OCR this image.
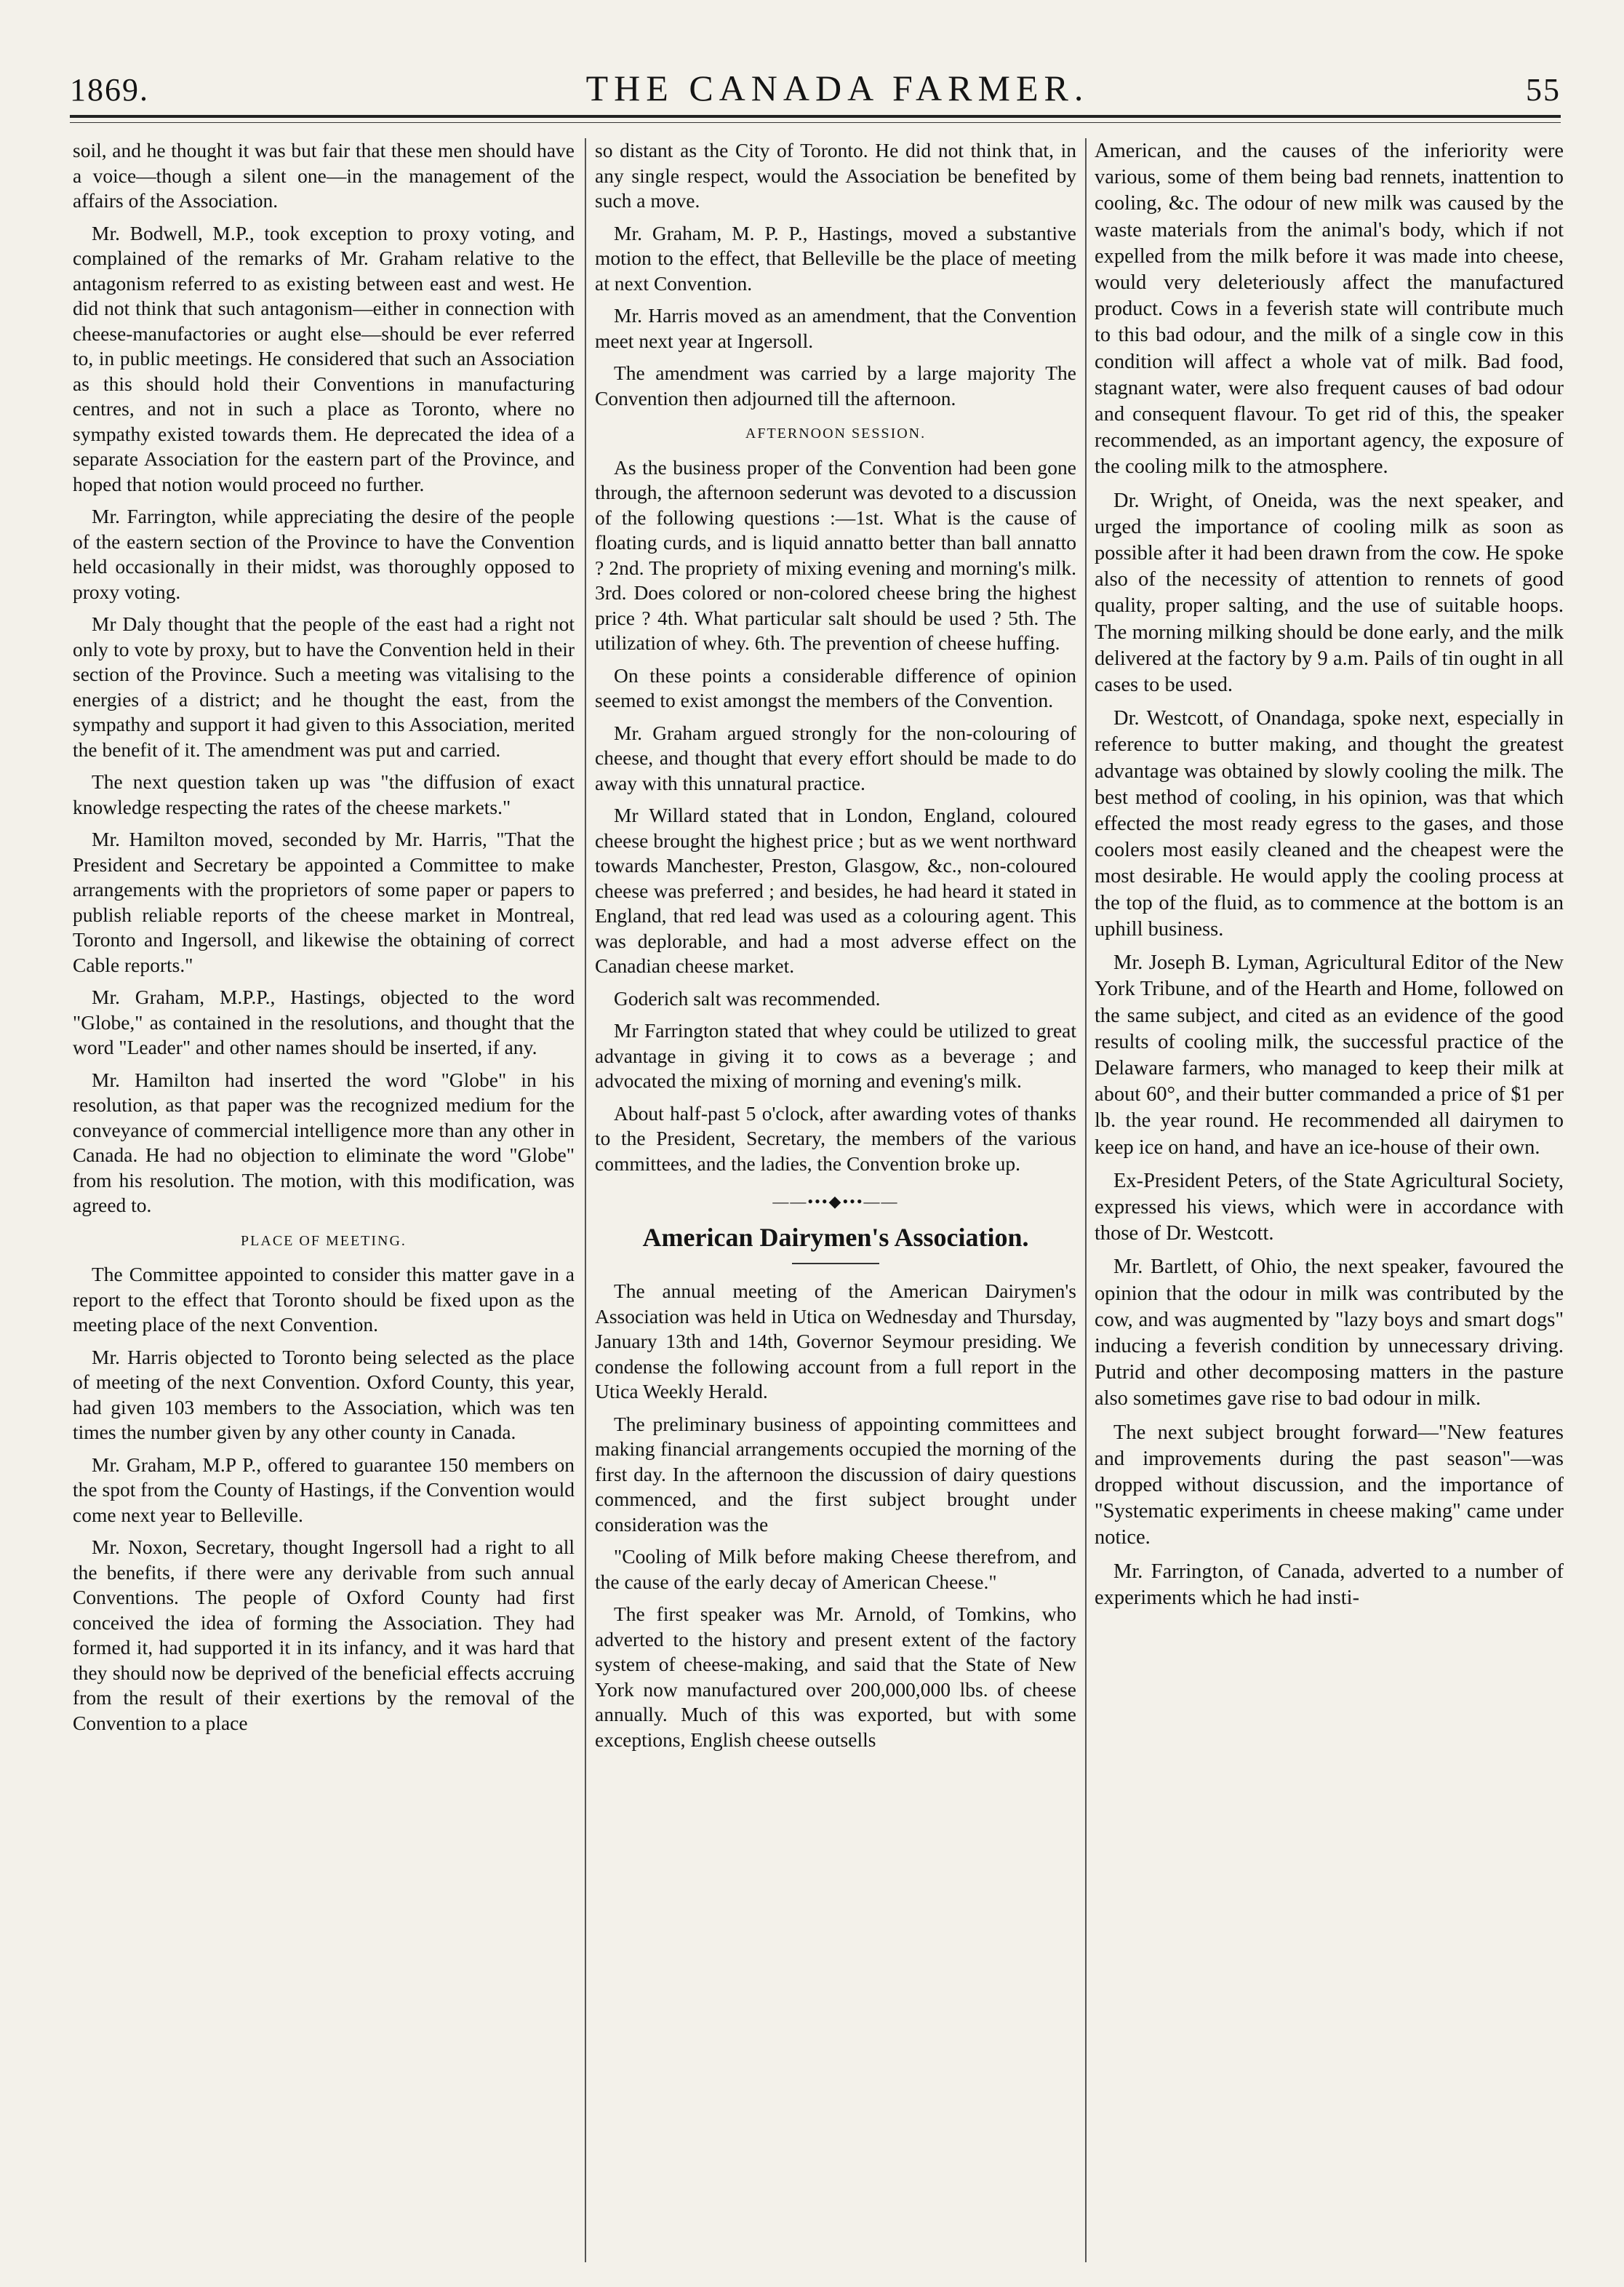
1869.	THE CANADA FARMER.	55

soil, and he thought it was but fair that these men should have a voice—though a silent one—in the management of the affairs of the Association.

Mr. Bodwell, M.P., took exception to proxy voting, and complained of the remarks of Mr. Graham relative to the antagonism referred to as existing between east and west. He did not think that such antagonism—either in connection with cheese-manufactories or aught else—should be ever referred to, in public meetings. He considered that such an Association as this should hold their Conventions in manufacturing centres, and not in such a place as Toronto, where no sympathy existed towards them. He deprecated the idea of a separate Association for the eastern part of the Province, and hoped that notion would proceed no further.

Mr. Farrington, while appreciating the desire of the people of the eastern section of the Province to have the Convention held occasionally in their midst, was thoroughly opposed to proxy voting.

Mr Daly thought that the people of the east had a right not only to vote by proxy, but to have the Convention held in their section of the Province. Such a meeting was vitalising to the energies of a district; and he thought the east, from the sympathy and support it had given to this Association, merited the benefit of it. The amendment was put and carried.

The next question taken up was "the diffusion of exact knowledge respecting the rates of the cheese markets."

Mr. Hamilton moved, seconded by Mr. Harris, "That the President and Secretary be appointed a Committee to make arrangements with the proprietors of some paper or papers to publish reliable reports of the cheese market in Montreal, Toronto and Ingersoll, and likewise the obtaining of correct Cable reports."

Mr. Graham, M.P.P., Hastings, objected to the word "Globe," as contained in the resolutions, and thought that the word "Leader" and other names should be inserted, if any.

Mr. Hamilton had inserted the word "Globe" in his resolution, as that paper was the recognized medium for the conveyance of commercial intelligence more than any other in Canada. He had no objection to eliminate the word "Globe" from his resolution. The motion, with this modification, was agreed to.

PLACE OF MEETING.

The Committee appointed to consider this matter gave in a report to the effect that Toronto should be fixed upon as the meeting place of the next Convention.

Mr. Harris objected to Toronto being selected as the place of meeting of the next Convention. Oxford County, this year, had given 103 members to the Association, which was ten times the number given by any other county in Canada.

Mr. Graham, M.P P., offered to guarantee 150 members on the spot from the County of Hastings, if the Convention would come next year to Belleville.

Mr. Noxon, Secretary, thought Ingersoll had a right to all the benefits, if there were any derivable from such annual Conventions. The people of Oxford County had first conceived the idea of forming the Association. They had formed it, had supported it in its infancy, and it was hard that they should now be deprived of the beneficial effects accruing from the result of their exertions by the removal of the Convention to a place

so distant as the City of Toronto. He did not think that, in any single respect, would the Association be benefited by such a move.

Mr. Graham, M. P. P., Hastings, moved a substantive motion to the effect, that Belleville be the place of meeting at next Convention.

Mr. Harris moved as an amendment, that the Convention meet next year at Ingersoll.

The amendment was carried by a large majority The Convention then adjourned till the afternoon.

AFTERNOON SESSION.

As the business proper of the Convention had been gone through, the afternoon sederunt was devoted to a discussion of the following questions :—1st. What is the cause of floating curds, and is liquid annatto better than ball annatto ? 2nd. The propriety of mixing evening and morning's milk. 3rd. Does colored or non-colored cheese bring the highest price ? 4th. What particular salt should be used ? 5th. The utilization of whey. 6th. The prevention of cheese huffing.

On these points a considerable difference of opinion seemed to exist amongst the members of the Convention.

Mr. Graham argued strongly for the non-colouring of cheese, and thought that every effort should be made to do away with this unnatural practice.

Mr Willard stated that in London, England, coloured cheese brought the highest price ; but as we went northward towards Manchester, Preston, Glasgow, &c., non-coloured cheese was preferred ; and besides, he had heard it stated in England, that red lead was used as a colouring agent. This was deplorable, and had a most adverse effect on the Canadian cheese market.

Goderich salt was recommended.

Mr Farrington stated that whey could be utilized to great advantage in giving it to cows as a beverage ; and advocated the mixing of morning and evening's milk.

About half-past 5 o'clock, after awarding votes of thanks to the President, Secretary, the members of the various committees, and the ladies, the Convention broke up.

——•••◆•••——
American Dairymen's Association.

The annual meeting of the American Dairymen's Association was held in Utica on Wednesday and Thursday, January 13th and 14th, Governor Seymour presiding. We condense the following account from a full report in the Utica Weekly Herald.

The preliminary business of appointing committees and making financial arrangements occupied the morning of the first day. In the afternoon the discussion of dairy questions commenced, and the first subject brought under consideration was the

"Cooling of Milk before making Cheese therefrom, and the cause of the early decay of American Cheese."

The first speaker was Mr. Arnold, of Tomkins, who adverted to the history and present extent of the factory system of cheese-making, and said that the State of New York now manufactured over 200,000,000 lbs. of cheese annually. Much of this was exported, but with some exceptions, English cheese outsells

American, and the causes of the inferiority were various, some of them being bad rennets, inattention to cooling, &c. The odour of new milk was caused by the waste materials from the animal's body, which if not expelled from the milk before it was made into cheese, would very deleteriously affect the manufactured product. Cows in a feverish state will contribute much to this bad odour, and the milk of a single cow in this condition will affect a whole vat of milk. Bad food, stagnant water, were also frequent causes of bad odour and consequent flavour. To get rid of this, the speaker recommended, as an important agency, the exposure of the cooling milk to the atmosphere.

Dr. Wright, of Oneida, was the next speaker, and urged the importance of cooling milk as soon as possible after it had been drawn from the cow. He spoke also of the necessity of attention to rennets of good quality, proper salting, and the use of suitable hoops. The morning milking should be done early, and the milk delivered at the factory by 9 a.m. Pails of tin ought in all cases to be used.

Dr. Westcott, of Onandaga, spoke next, especially in reference to butter making, and thought the greatest advantage was obtained by slowly cooling the milk. The best method of cooling, in his opinion, was that which effected the most ready egress to the gases, and those coolers most easily cleaned and the cheapest were the most desirable. He would apply the cooling process at the top of the fluid, as to commence at the bottom is an uphill business.

Mr. Joseph B. Lyman, Agricultural Editor of the New York Tribune, and of the Hearth and Home, followed on the same subject, and cited as an evidence of the good results of cooling milk, the successful practice of the Delaware farmers, who managed to keep their milk at about 60°, and their butter commanded a price of $1 per lb. the year round. He recommended all dairymen to keep ice on hand, and have an ice-house of their own.

Ex-President Peters, of the State Agricultural Society, expressed his views, which were in accordance with those of Dr. Westcott.

Mr. Bartlett, of Ohio, the next speaker, favoured the opinion that the odour in milk was contributed by the cow, and was augmented by "lazy boys and smart dogs" inducing a feverish condition by unnecessary driving. Putrid and other decomposing matters in the pasture also sometimes gave rise to bad odour in milk.

The next subject brought forward—"New features and improvements during the past season"—was dropped without discussion, and the importance of "Systematic experiments in cheese making" came under notice.

Mr. Farrington, of Canada, adverted to a number of experiments which he had insti-
